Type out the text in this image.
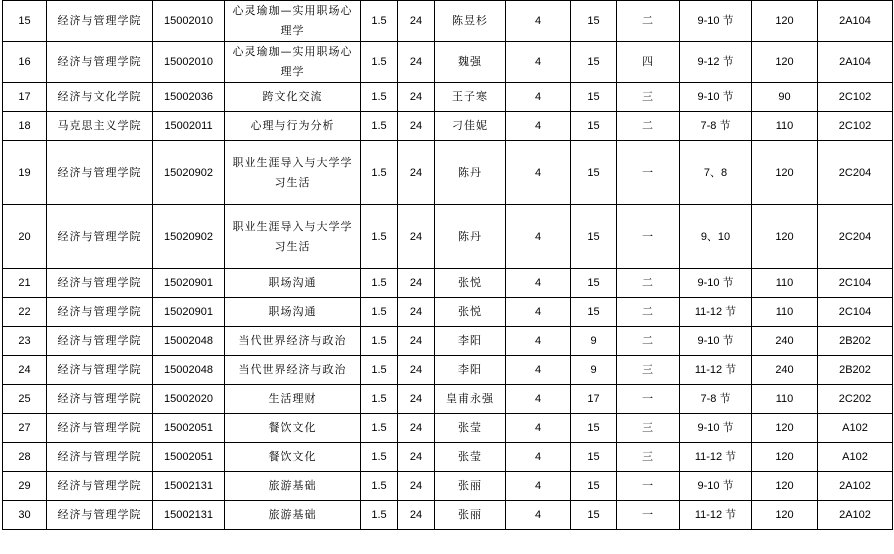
15	经济与管理学院	15002010	心灵瑜珈—实用职场心理学	1.5	24	陈昱杉	4	15	二	9-10 节	120	2A104
16	经济与管理学院	15002010	心灵瑜珈—实用职场心理学	1.5	24	魏强	4	15	四	9-12 节	120	2A104
17	经济与文化学院	15002036	跨文化交流	1.5	24	王子寒	4	15	三	9-10 节	90	2C102
18	马克思主义学院	15002011	心理与行为分析	1.5	24	刁佳妮	4	15	二	7-8 节	110	2C102
19	经济与管理学院	15020902	职业生涯导入与大学学习生活	1.5	24	陈丹	4	15	一	7、8	120	2C204
20	经济与管理学院	15020902	职业生涯导入与大学学习生活	1.5	24	陈丹	4	15	一	9、10	120	2C204
21	经济与管理学院	15020901	职场沟通	1.5	24	张悦	4	15	二	9-10 节	110	2C104
22	经济与管理学院	15020901	职场沟通	1.5	24	张悦	4	15	二	11-12 节	110	2C104
23	经济与管理学院	15002048	当代世界经济与政治	1.5	24	李阳	4	9	二	9-10 节	240	2B202
24	经济与管理学院	15002048	当代世界经济与政治	1.5	24	李阳	4	9	三	11-12 节	240	2B202
25	经济与管理学院	15002020	生活理财	1.5	24	皇甫永强	4	17	一	7-8 节	110	2C202
27	经济与管理学院	15002051	餐饮文化	1.5	24	张莹	4	15	三	9-10 节	120	A102
28	经济与管理学院	15002051	餐饮文化	1.5	24	张莹	4	15	三	11-12 节	120	A102
29	经济与管理学院	15002131	旅游基础	1.5	24	张丽	4	15	一	9-10 节	120	2A102
30	经济与管理学院	15002131	旅游基础	1.5	24	张丽	4	15	一	11-12 节	120	2A102
